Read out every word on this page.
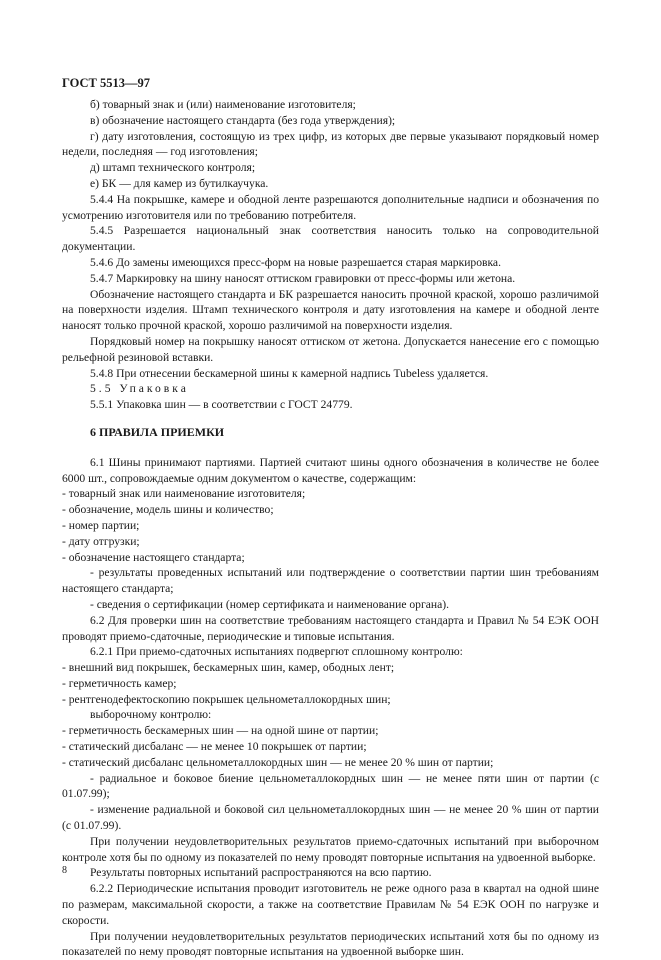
ГОСТ 5513—97

б) товарный знак и (или) наименование изготовителя;

в) обозначение настоящего стандарта (без года утверждения);

г) дату изготовления, состоящую из трех цифр, из которых две первые указывают порядковый номер недели, последняя — год изготовления;

д) штамп технического контроля;

е) БК — для камер из бутилкаучука.

5.4.4 На покрышке, камере и ободной ленте разрешаются дополнительные надписи и обозначения по усмотрению изготовителя или по требованию потребителя.

5.4.5 Разрешается национальный знак соответствия наносить только на сопроводительной документации.

5.4.6 До замены имеющихся пресс-форм на новые разрешается старая маркировка.

5.4.7 Маркировку на шину наносят оттиском гравировки от пресс-формы или жетона.

Обозначение настоящего стандарта и БК разрешается наносить прочной краской, хорошо различимой на поверхности изделия. Штамп технического контроля и дату изготовления на камере и ободной ленте наносят только прочной краской, хорошо различимой на поверхности изделия.

Порядковый номер на покрышку наносят оттиском от жетона. Допускается нанесение его с помощью рельефной резиновой вставки.

5.4.8 При отнесении бескамерной шины к камерной надпись Tubeless удаляется.

5.5 Упаковка

5.5.1 Упаковка шин — в соответствии с ГОСТ 24779.

6 ПРАВИЛА ПРИЕМКИ

6.1 Шины принимают партиями. Партией считают шины одного обозначения в количестве не более 6000 шт., сопровождаемые одним документом о качестве, содержащим:

- товарный знак или наименование изготовителя;

- обозначение, модель шины и количество;

- номер партии;

- дату отгрузки;

- обозначение настоящего стандарта;

- результаты проведенных испытаний или подтверждение о соответствии партии шин требованиям настоящего стандарта;

- сведения о сертификации (номер сертификата и наименование органа).

6.2 Для проверки шин на соответствие требованиям настоящего стандарта и Правил № 54 ЕЭК ООН проводят приемо-сдаточные, периодические и типовые испытания.

6.2.1 При приемо-сдаточных испытаниях подвергют сплошному контролю:

- внешний вид покрышек, бескамерных шин, камер, ободных лент;

- герметичность камер;

- рентгенодефектоскопию покрышек цельнометаллокордных шин;

выборочному контролю:

- герметичность бескамерных шин — на одной шине от партии;

- статический дисбаланс — не менее 10 покрышек от партии;

- статический дисбаланс цельнометаллокордных шин — не менее 20 % шин от партии;

- радиальное и боковое биение цельнометаллокордных шин — не менее пяти шин от партии (с 01.07.99);

- изменение радиальной и боковой сил цельнометаллокордных шин — не менее 20 % шин от партии (с 01.07.99).

При получении неудовлетворительных результатов приемо-сдаточных испытаний при выборочном контроле хотя бы по одному из показателей по нему проводят повторные испытания на удвоенной выборке.

Результаты повторных испытаний распространяются на всю партию.

6.2.2 Периодические испытания проводит изготовитель не реже одного раза в квартал на одной шине по размерам, максимальной скорости, а также на соответствие Правилам № 54 ЕЭК ООН по нагрузке и скорости.

При получении неудовлетворительных результатов периодических испытаний хотя бы по одному из показателей по нему проводят повторные испытания на удвоенной выборке шин.

8
